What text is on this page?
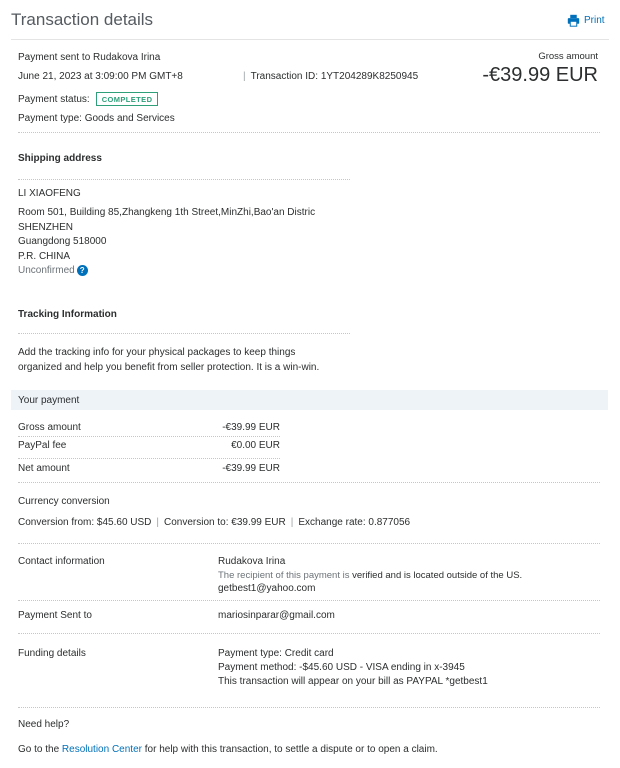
Transaction details	Print
Payment sent to Rudakova Irina
June 21, 2023 at 3:09:00 PM GMT+8	| Transaction ID: 1YT204289K8250945
Payment status:	COMPLETED
Payment type: Goods and Services
Gross amount
-€39.99 EUR
Shipping address
LI XIAOFENG
Room 501, Building 85,Zhangkeng 1th Street,MinZhi,Bao'an Distric
SHENZHEN
Guangdong 518000
P.R. CHINA
Unconfirmed ?
Tracking Information
Add the tracking info for your physical packages to keep things
organized and help you benefit from seller protection. It is a win-win.
Your payment
Gross amount	-€39.99 EUR
PayPal fee	€0.00 EUR
Net amount	-€39.99 EUR
Currency conversion
Conversion from: $45.60 USD | Conversion to: €39.99 EUR | Exchange rate: 0.877056
Contact information	Rudakova Irina
The recipient of this payment is verified and is located outside of the US.
getbest1@yahoo.com
Payment Sent to	mariosinparar@gmail.com
Funding details	Payment type: Credit card
Payment method: -$45.60 USD - VISA ending in x-3945
This transaction will appear on your bill as PAYPAL *getbest1
Need help?
Go to the Resolution Center for help with this transaction, to settle a dispute or to open a claim.
